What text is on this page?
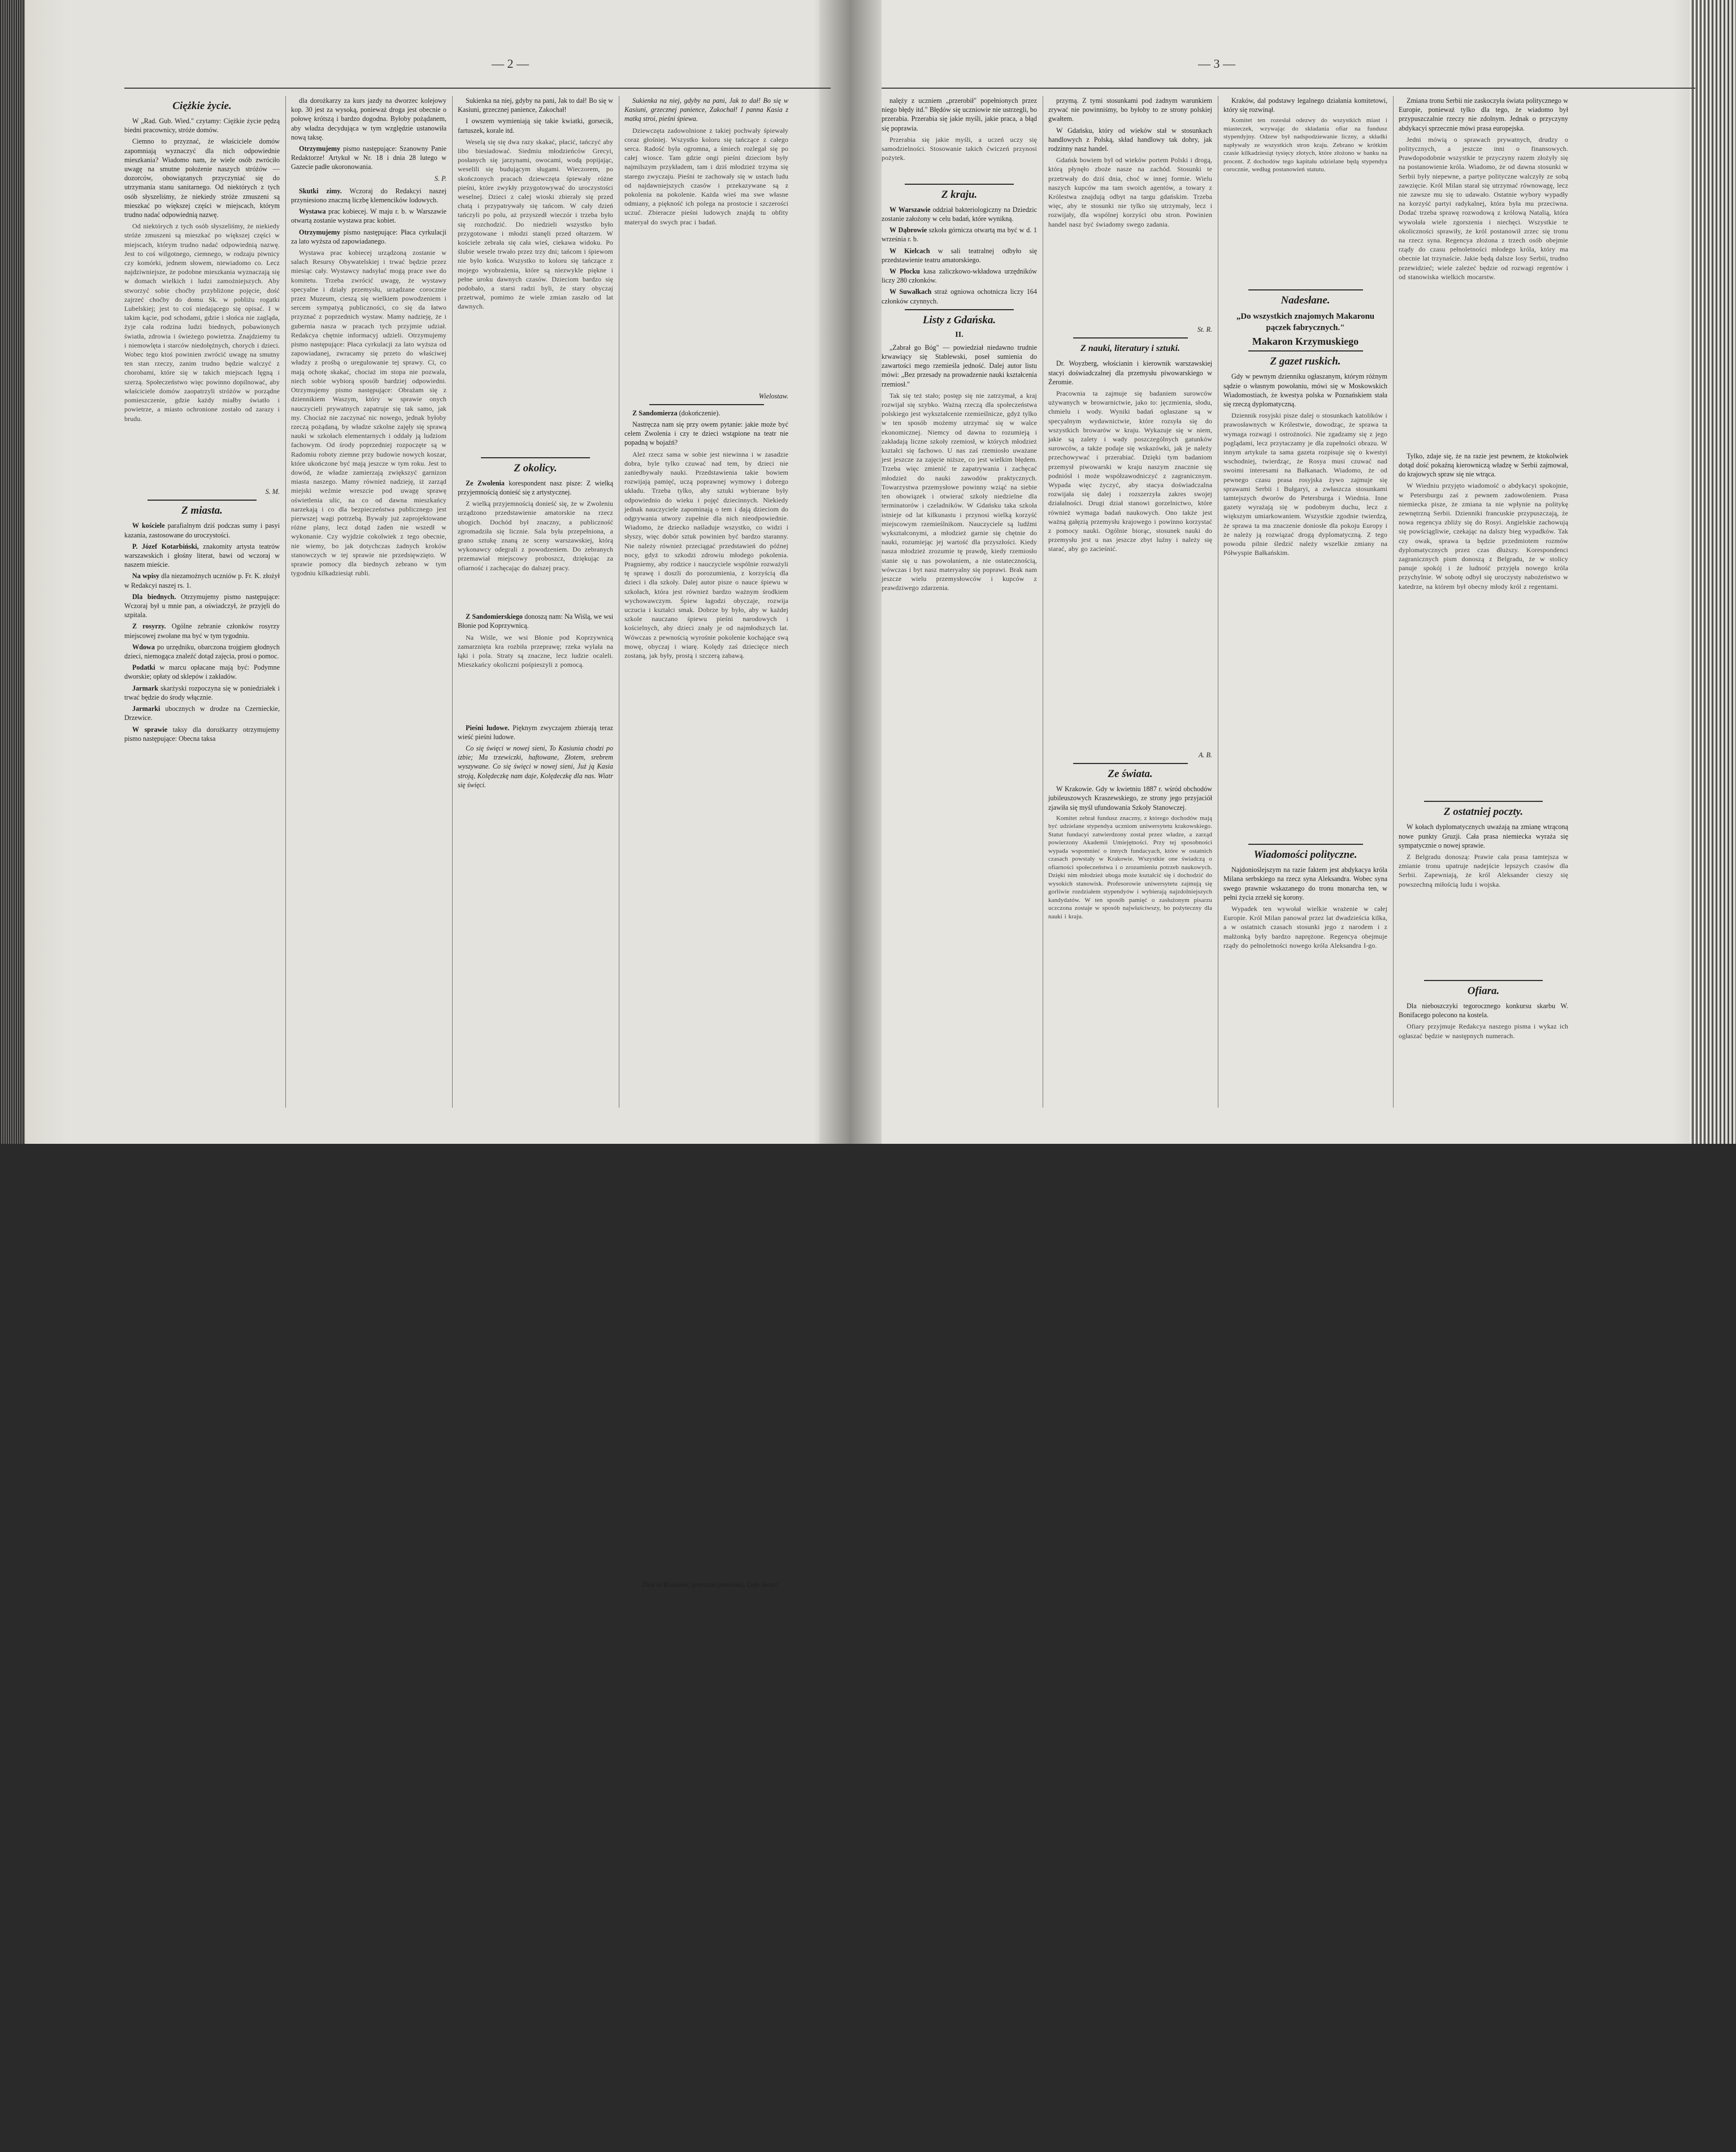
— 2 —

Ciężkie życie.

W „Rad. Gub. Wied." czytamy: Ciężkie życie pędzą biedni pracownicy, stróże domów.

Ciemno to przyznać, że właściciele domów zapomniają wyznaczyć dla nich odpowiednie mieszkania? Wiadomo nam, że wiele osób zwróciło uwagę na smutne położenie naszych stróżów — dozorców, obowiązanych przyczyniać się do utrzymania stanu sanitarnego. Od niektórych z tych osób słyszeliśmy, że niekiedy stróże zmuszeni są mieszkać po większej części w miejscach, którym trudno nadać odpowiednią nazwę.

Od niektórych z tych osób słyszeliśmy, że niekiedy stróże zmuszeni są mieszkać po większej części w miejscach, którym trudno nadać odpowiednią nazwę. Jest to coś wilgotnego, ciemnego, w rodzaju piwnicy czy komórki, jednem słowem, niewiadomo co. Lecz najdziwniejsze, że podobne mieszkania wyznaczają się w domach wielkich i ludzi zamożniejszych. Aby stworzyć sobie choćby przybliżone pojęcie, dość zajrzeć choćby do domu Sk. w pobliżu rogatki Lubelskiej; jest to coś niedającego się opisać. I w takim kącie, pod schodami, gdzie i słońca nie zagląda, żyje cała rodzina ludzi biednych, pobawionych światła, zdrowia i świeżego powietrza. Znajdziemy tu i niemowlęta i starców niedołężnych, chorych i dzieci. Wobec tego ktoś powinien zwrócić uwagę na smutny ten stan rzeczy, zanim trudno będzie walczyć z chorobami, które się w takich miejscach lęgną i szerzą. Społeczeństwo więc powinno dopilnować, aby właściciele domów zaopatrzyli stróżów w porządne pomieszczenie, gdzie każdy miałby światło i powietrze, a miasto ochronione zostało od zarazy i brudu.

S. M.

Z miasta.

W kościele parafialnym dziś podczas sumy i pasyi kazania, zastosowane do uroczystości.

P. Józef Kotarbiński, znakomity artysta teatrów warszawskich i głośny literat, bawi od wczoraj w naszem mieście.

Na wpisy dla niezamożnych uczniów p. Fr. K. złożył w Redakcyi naszej rs. 1.

Dla biednych. Otrzymujemy pismo następujące: Wczoraj był u mnie pan, a oświadczył, że przyjęli do szpitala.

Z rosyrzy. Ogólne zebranie członków rosyrzy miejscowej zwołane ma być w tym tygodniu.

Wdowa po urzędniku, obarczona trojgiem głodnych dzieci, niemogąca znaleźć dotąd zajęcia, prosi o pomoc.

Podatki w marcu opłacane mają być: Podymne dworskie; opłaty od sklepów i zakładów.

Jarmark skarżyski rozpoczyna się w poniedziałek i trwać będzie do środy włącznie.

Jarmarki ubocznych w drodze na Czernieckie, Drzewice.

W sprawie taksy dla dorożkarzy otrzymujemy pismo następujące: Obecna taksa

dla dorożkarzy za kurs jazdy na dworzec kolejowy kop. 30 jest za wysoką, ponieważ droga jest obecnie o połowę krótszą i bardzo dogodna. Byłoby pożądanem, aby władza decydująca w tym względzie ustanowiła nową taksę.

Otrzymujemy pismo następujące: Szanowny Panie Redaktorze! Artykuł w Nr. 18 i dnia 28 lutego w Gazecie padłe ukoronowania.

S. P.

Skutki zimy. Wczoraj do Redakcyi naszej przyniesiono znaczną liczbę klemencików lodowych.

Wystawa prac kobiecej. W maju r. b. w Warszawie otwartą zostanie wystawa prac kobiet.

Otrzymujemy pismo następujące: Płaca cyrkulacji za lato wyższa od zapowiadanego.

Wystawa prac kobiecej urządzoną zostanie w salach Resursy Obywatelskiej i trwać będzie przez miesiąc cały. Wystawcy nadsyłać mogą prace swe do komitetu. Trzeba zwrócić uwagę, że wystawy specyalne i działy przemysłu, urządzane corocznie przez Muzeum, cieszą się wielkiem powodzeniem i sercem sympatyą publiczności, co się da łatwo przyznać z poprzednich wystaw. Mamy nadzieję, że i gubernia nasza w pracach tych przyjmie udział. Redakcya chętnie informacyj udzieli. Otrzymujemy pismo następujące: Płaca cyrkulacji za lato wyższa od zapowiadanej, zwracamy się przeto do właściwej władzy z prośbą o uregulowanie tej sprawy. Ci, co mają ochotę skakać, chociaż im stopa nie pozwala, niech sobie wybiorą sposób bardziej odpowiedni. Otrzymujemy pismo następujące: Obrażam się z dziennikiem Waszym, który w sprawie onych nauczycieli prywatnych zapatruje się tak samo, jak my. Chociaż nie zaczynać nic nowego, jednak byłoby rzeczą pożądaną, by władze szkolne zajęły się sprawą nauki w szkołach elementarnych i oddały ją ludziom fachowym. Od środy poprzedniej rozpoczęte są w Radomiu roboty ziemne przy budowie nowych koszar, które ukończone być mają jeszcze w tym roku. Jest to dowód, że władze zamierzają zwiększyć garnizon miasta naszego. Mamy również nadzieję, iż zarząd miejski weźmie wreszcie pod uwagę sprawę oświetlenia ulic, na co od dawna mieszkańcy narzekają i co dla bezpieczeństwa publicznego jest pierwszej wagi potrzebą. Bywały już zaprojektowane różne plany, lecz dotąd żaden nie wszedł w wykonanie. Czy wyjdzie cokolwiek z tego obecnie, nie wiemy, bo jak dotychczas żadnych kroków stanowczych w tej sprawie nie przedsięwzięto. W sprawie pomocy dla biednych zebrano w tym tygodniu kilkadziesiąt rubli.

Sukienka na niej, gdyby na pani, Jak to dał! Bo się w Kasiuni, grzecznej panience, Zakochał!

I owszem wymieniają się takie kwiatki, gorsecik, fartuszek, korale itd.

Weselą się się dwa razy skakać, płacić, tańczyć aby libo biesiadować. Siedmiu młodzieńców Grecyi, posłanych się jarzynami, owocami, wodą popijając, weselili się budującym sługami. Wieczorem, po skończonych pracach dziewczęta śpiewały różne pieśni, które zwykły przygotowywać do uroczystości weselnej. Dzieci z całej wioski zbierały się przed chatą i przypatrywały się tańcom. W cały dzień tańczyli po polu, aż przyszedł wieczór i trzeba było się rozchodzić. Do niedzieli wszystko było przygotowane i młodzi stanęli przed ołtarzem. W kościele zebrała się cała wieś, ciekawa widoku. Po ślubie wesele trwało przez trzy dni; tańcom i śpiewom nie było końca. Wszystko to koloru się tańczące z mojego wyobrażenia, które są niezwykle piękne i pełne uroku dawnych czasów. Dzieciom bardzo się podobało, a starsi radzi byli, że stary obyczaj przetrwał, pomimo że wiele zmian zaszło od lat dawnych.

Z okolicy.

Ze Zwolenia korespondent nasz pisze: Z wielką przyjemnością donieść się z artystycznej.

Z wielką przyjemnością donieść się, że w Zwoleniu urządzono przedstawienie amatorskie na rzecz ubogich. Dochód był znaczny, a publiczność zgromadziła się licznie. Sala była przepełniona, a grano sztukę znaną ze sceny warszawskiej, którą wykonawcy odegrali z powodzeniem. Do zebranych przemawiał miejscowy proboszcz, dziękując za ofiarność i zachęcając do dalszej pracy.

Z Sandomierskiego donoszą nam: Na Wiślą, we wsi Błonie pod Koprzywnicą.

Na Wiśle, we wsi Błonie pod Koprzywnicą zamarznięta kra rozbiła przeprawę; rzeka wylała na łąki i pola. Straty są znaczne, lecz ludzie ocaleli. Mieszkańcy okoliczni pośpieszyli z pomocą.

Pieśni ludowe. Pięknym zwyczajem zbierają teraz wieść pieśni ludowe.

Co się święci w nowej sieni, To Kasiunia chodzi po izbie; Ma trzewiczki, haftowane, Złotem, srebrem wyszywane. Co się święci w nowej sieni, Już ją Kasia stroją, Kolędeczkę nam daje, Kolędeczkę dla nas. Wiatr się święci.

Sukienka na niej, gdyby na pani, Jak to dał! Bo się w Kasiuni, grzecznej panience, Zakochał! I panna Kasia z matką stroi, pieśni śpiewa.

Dziewczęta zadowolnione z takiej pochwały śpiewały coraz głośniej. Wszystko koloru się tańczące z całego serca. Radość była ogromna, a śmiech rozlegał się po całej wiosce. Tam gdzie ongi pieśni dzieciom były najmilszym przykładem, tam i dziś młodzież trzyma się starego zwyczaju. Pieśni te zachowały się w ustach ludu od najdawniejszych czasów i przekazywane są z pokolenia na pokolenie. Każda wieś ma swe własne odmiany, a piękność ich polega na prostocie i szczerości uczuć. Zbieracze pieśni ludowych znajdą tu obfity materyał do swych prac i badań.

Wielostaw.

Z Sandomierza (dokończenie).

Nastręcza nam się przy owem pytanie: jakie może być celem Zwolenia i czy te dzieci wstąpione na teatr nie popadną w bojaźń?

Ależ rzecz sama w sobie jest niewinna i w zasadzie dobra, byle tylko czuwać nad tem, by dzieci nie zaniedbywały nauki. Przedstawienia takie bowiem rozwijają pamięć, uczą poprawnej wymowy i dobrego układu. Trzeba tylko, aby sztuki wybierane były odpowiednio do wieku i pojęć dziecinnych. Niekiedy jednak nauczyciele zapominają o tem i dają dzieciom do odgrywania utwory zupełnie dla nich nieodpowiednie. Wiadomo, że dziecko naśladuje wszystko, co widzi i słyszy, więc dobór sztuk powinien być bardzo staranny. Nie należy również przeciągać przedstawień do późnej nocy, gdyż to szkodzi zdrowiu młodego pokolenia. Pragniemy, aby rodzice i nauczyciele wspólnie rozważyli tę sprawę i doszli do porozumienia, z korzyścią dla dzieci i dla szkoły. Dalej autor pisze o nauce śpiewu w szkołach, która jest również bardzo ważnym środkiem wychowawczym. Śpiew łagodzi obyczaje, rozwija uczucia i kształci smak. Dobrze by było, aby w każdej szkole nauczano śpiewu pieśni narodowych i kościelnych, aby dzieci znały je od najmłodszych lat. Wówczas z pewnością wyrośnie pokolenie kochające swą mowę, obyczaj i wiarę. Kolędy zaś dziecięce niech zostaną, jak były, prostą i szczerą zabawą.

Dziś to Kasiunia, grzeczna panienka, Cały świat!

— 3 —

nalęży z uczniem „przerobił" popełnionych przez niego błędy itd." Błędów się uczniowie nie ustrzegli, bo przerabia. Przerabia się jakie myśli, jakie praca, a błąd się poprawia.

Przerabia się jakie myśli, a uczeń uczy się samodzielności. Stosowanie takich ćwiczeń przynosi pożytek.

Z kraju.

W Warszawie oddział bakteriologiczny na Dziedzic zostanie założony w celu badań, które wynikną.

W Dąbrowie szkoła górnicza otwartą ma być w d. 1 września r. b.

W Kielcach w sali teatralnej odbyło się przedstawienie teatru amatorskiego.

W Płocku kasa zaliczkowo-wkładowa urzędników liczy 280 członków.

W Suwałkach straż ogniowa ochotnicza liczy 164 członków czynnych.

Listy z Gdańska.

II.

„Zabrał go Bóg" — powiedział niedawno trudnie krwawiący się Stablewski, poseł sumienia do zawartości mego rzemieśla jedność. Dalej autor listu mówi: „Bez przesady na prowadzenie nauki kształcenia rzemiosł."

Tak się też stało; postęp się nie zatrzymał, a kraj rozwijał się szybko. Ważną rzeczą dla społeczeństwa polskiego jest wykształcenie rzemieślnicze, gdyż tylko w ten sposób możemy utrzymać się w walce ekonomicznej. Niemcy od dawna to rozumieją i zakładają liczne szkoły rzemiosł, w których młodzież kształci się fachowo. U nas zaś rzemiosło uważane jest jeszcze za zajęcie niższe, co jest wielkim błędem. Trzeba więc zmienić te zapatrywania i zachęcać młodzież do nauki zawodów praktycznych. Towarzystwa przemysłowe powinny wziąć na siebie ten obowiązek i otwierać szkoły niedzielne dla terminatorów i czeladników. W Gdańsku taka szkoła istnieje od lat kilkunastu i przynosi wielką korzyść miejscowym rzemieślnikom. Nauczyciele są ludźmi wykształconymi, a młodzież garnie się chętnie do nauki, rozumiejąc jej wartość dla przyszłości. Kiedy nasza młodzież zrozumie tę prawdę, kiedy rzemiosło stanie się u nas powołaniem, a nie ostatecznością, wówczas i byt nasz materyalny się poprawi. Brak nam jeszcze wielu przemysłowców i kupców z prawdziwego zdarzenia.

przymą. Z tymi stosunkami pod żadnym warunkiem zrywać nie powinniśmy, bo byłoby to ze strony polskiej gwałtem.

W Gdańsku, który od wieków stał w stosunkach handlowych z Polską, skład handlowy tak dobry, jak rodzinny nasz handel.

Gdańsk bowiem był od wieków portem Polski i drogą, którą płynęło zboże nasze na zachód. Stosunki te przetrwały do dziś dnia, choć w innej formie. Wielu naszych kupców ma tam swoich agentów, a towary z Królestwa znajdują odbyt na targu gdańskim. Trzeba więc, aby te stosunki nie tylko się utrzymały, lecz i rozwijały, dla wspólnej korzyści obu stron. Powinien handel nasz być świadomy swego zadania.

St. R.

Z nauki, literatury i sztuki.

Dr. Woyzberg, włościanin i kierownik warszawskiej stacyi doświadczalnej dla przemysłu piwowarskiego w Żeromie.

Pracownia ta zajmuje się badaniem surowców używanych w browarnictwie, jako to: jęczmienia, słodu, chmielu i wody. Wyniki badań ogłaszane są w specyalnym wydawnictwie, które rozsyła się do wszystkich browarów w kraju. Wykazuje się w niem, jakie są zalety i wady poszczególnych gatunków surowców, a także podaje się wskazówki, jak je należy przechowywać i przerabiać. Dzięki tym badaniom przemysł piwowarski w kraju naszym znacznie się podniósł i może współzawodniczyć z zagranicznym. Wypada więc życzyć, aby stacya doświadczalna rozwijała się dalej i rozszerzyła zakres swojej działalności. Drugi dział stanowi gorzelnictwo, które również wymaga badań naukowych. Ono także jest ważną gałęzią przemysłu krajowego i powinno korzystać z pomocy nauki. Ogólnie biorąc, stosunek nauki do przemysłu jest u nas jeszcze zbyt luźny i należy się starać, aby go zacieśnić.

A. B.

Ze świata.

W Krakowie. Gdy w kwietniu 1887 r. wśród obchodów jubileuszowych Kraszewskiego, ze strony jego przyjaciół zjawiła się myśl ufundowania Szkoły Stanowczej.

Komitet zebrał fundusz znaczny, z którego dochodów mają być udzielane stypendya uczniom uniwersytetu krakowskiego. Statut fundacyi zatwierdzony został przez władze, a zarząd powierzony Akademii Umiejętności. Przy tej sposobności wypada wspomnieć o innych fundacyach, które w ostatnich czasach powstały w Krakowie. Wszystkie one świadczą o ofiarności społeczeństwa i o zrozumieniu potrzeb naukowych. Dzięki nim młodzież uboga może kształcić się i dochodzić do wysokich stanowisk. Profesorowie uniwersytetu zajmują się gorliwie rozdziałem stypendyów i wybierają najzdolniejszych kandydatów. W ten sposób pamięć o zasłużonym pisarzu uczczona zostaje w sposób najwłaściwszy, bo pożyteczny dla nauki i kraju.

Kraków, dal podstawy legalnego działania komitetowi, który się rozwinął.

Komitet ten rozesłał odezwy do wszystkich miast i miasteczek, wzywając do składania ofiar na fundusz stypendyjny. Odzew był nadspodziewanie liczny, a składki napływały ze wszystkich stron kraju. Zebrano w krótkim czasie kilkadziesiąt tysięcy złotych, które złożono w banku na procent. Z dochodów tego kapitału udzielane będą stypendya corocznie, według postanowień statutu.

Nadesłane.

„Do wszystkich znajomych Makaronu pączek fabrycznych."

Makaron Krzymuskiego

Z gazet ruskich.

Gdy w pewnym dzienniku ogłaszanym, którym różnym sądzie o własnym powołaniu, mówi się w Moskowskich Wiadomostiach, że kwestya polska w Poznańskiem stała się rzeczą dyplomatyczną.

Dziennik rosyjski pisze dalej o stosunkach katolików i prawosławnych w Królestwie, dowodząc, że sprawa ta wymaga rozwagi i ostrożności. Nie zgadzamy się z jego poglądami, lecz przytaczamy je dla zupełności obrazu. W innym artykule ta sama gazeta rozpisuje się o kwestyi wschodniej, twierdząc, że Rosya musi czuwać nad swoimi interesami na Bałkanach. Wiadomo, że od pewnego czasu prasa rosyjska żywo zajmuje się sprawami Serbii i Bułgaryi, a zwłaszcza stosunkami tamtejszych dworów do Petersburga i Wiednia. Inne gazety wyrażają się w podobnym duchu, lecz z większym umiarkowaniem. Wszystkie zgodnie twierdzą, że sprawa ta ma znaczenie doniosłe dla pokoju Europy i że należy ją rozwiązać drogą dyplomatyczną. Z tego powodu pilnie śledzić należy wszelkie zmiany na Półwyspie Bałkańskim.

Wiadomości polityczne.

Najdonioślejszym na razie faktem jest abdykacya króla Milana serbskiego na rzecz syna Aleksandra. Wobec syna swego prawnie wskazanego do tronu monarcha ten, w pełni życia zrzekł się korony.

Wypadek ten wywołał wielkie wrażenie w całej Europie. Król Milan panował przez lat dwadzieścia kilka, a w ostatnich czasach stosunki jego z narodem i z małżonką były bardzo naprężone. Regencya obejmuje rządy do pełnoletności nowego króla Aleksandra I-go.

Zmiana tronu Serbii nie zaskoczyła świata politycznego w Europie, ponieważ tylko dla tego, że wiadomo był przypuszczalnie rzeczy nie zdolnym. Jednak o przyczyny abdykacyi sprzecznie mówi prasa europejska.

Jedni mówią o sprawach prywatnych, drudzy o politycznych, a jeszcze inni o finansowych. Prawdopodobnie wszystkie te przyczyny razem złożyły się na postanowienie króla. Wiadomo, że od dawna stosunki w Serbii były niepewne, a partye polityczne walczyły ze sobą zawzięcie. Król Milan starał się utrzymać równowagę, lecz nie zawsze mu się to udawało. Ostatnie wybory wypadły na korzyść partyi radykalnej, która była mu przeciwna. Dodać trzeba sprawę rozwodową z królową Natalią, która wywołała wiele zgorszenia i niechęci. Wszystkie te okoliczności sprawiły, że król postanowił zrzec się tronu na rzecz syna. Regencya złożona z trzech osób obejmie rządy do czasu pełnoletności młodego króla, który ma obecnie lat trzynaście. Jakie będą dalsze losy Serbii, trudno przewidzieć; wiele zależeć będzie od rozwagi regentów i od stanowiska wielkich mocarstw.

Tylko, zdaje się, że na razie jest pewnem, że ktokolwiek dotąd dość pokaźną kierowniczą władzę w Serbii zajmował, do krajowych spraw się nie wtrąca.

W Wiedniu przyjęto wiadomość o abdykacyi spokojnie, w Petersburgu zaś z pewnem zadowoleniem. Prasa niemiecka pisze, że zmiana ta nie wpłynie na politykę zewnętrzną Serbii. Dzienniki francuskie przypuszczają, że nowa regencya zbliży się do Rosyi. Angielskie zachowują się powściągliwie, czekając na dalszy bieg wypadków. Tak czy owak, sprawa ta będzie przedmiotem rozmów dyplomatycznych przez czas dłuższy. Korespondenci zagranicznych pism donoszą z Belgradu, że w stolicy panuje spokój i że ludność przyjęła nowego króla przychylnie. W sobotę odbył się uroczysty nabożeństwo w katedrze, na którem był obecny młody król z regentami.

Z ostatniej poczty.

W kołach dyplomatycznych uważają na zmianę wtrąconą nowe punkty Gruzji. Cała prasa niemiecka wyraża się sympatycznie o nowej sprawie.

Z Belgradu donoszą: Prawie cała prasa tamtejsza w zmianie tronu upatruje nadejście lepszych czasów dla Serbii. Zapewniają, że król Aleksander cieszy się powszechną miłością ludu i wojska.

Ofiara.

Dla nieboszczyki tegorocznego konkursu skarbu W. Bonifacego polecono na kostela.

Ofiary przyjmuje Redakcya naszego pisma i wykaz ich ogłaszać będzie w następnych numerach.
